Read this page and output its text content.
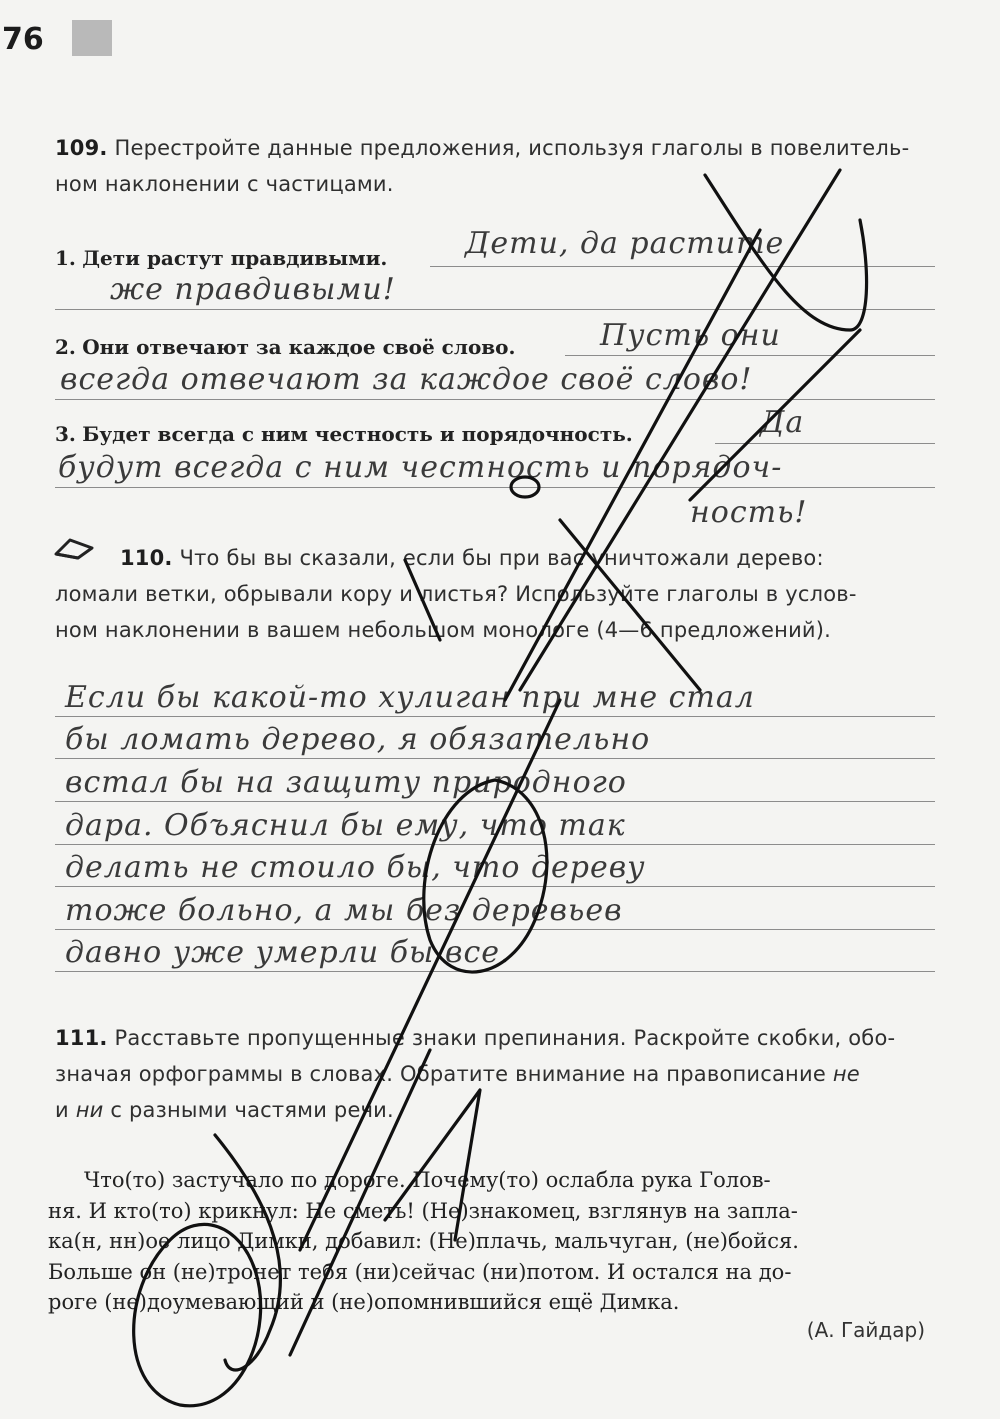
76
109. Перестройте данные предложения, используя глаголы в повелитель-
ном наклонении с частицами.
1. Дети растут правдивыми.	Дети, да растите
же правдивыми!
2. Они отвечают за каждое своё слово.	Пусть они
всегда отвечают за каждое своё слово!
3. Будет всегда с ним честность и порядочность.	Да
будут всегда с ним честность и порядоч-
ность!
110. Что бы вы сказали, если бы при вас уничтожали дерево:
ломали ветки, обрывали кору и листья? Используйте глаголы в услов-
ном наклонении в вашем небольшом монологе (4—6 предложений).
Если бы какой-то хулиган при мне стал
бы ломать дерево, я обязательно
встал бы на защиту природного
дара. Объяснил бы ему, что так
делать не стоило бы, что дереву
тоже больно, а мы без деревьев
давно уже умерли бы все.
111. Расставьте пропущенные знаки препинания. Раскройте скобки, обо-
значая орфограммы в словах. Обратите внимание на правописание не
и ни с разными частями речи.
Что(то) застучало по дороге. Почему(то) ослабла рука Голов-
ня. И кто(то) крикнул: Не сметь! (Не)знакомец, взглянув на запла-
ка(н, нн)ое лицо Димки, добавил: (Не)плачь, мальчуган, (не)бойся.
Больше он (не)тронет тебя (ни)сейчас (ни)потом. И остался на до-
роге (не)доумевающий и (не)опомнившийся ещё Димка.
(А. Гайдар)
